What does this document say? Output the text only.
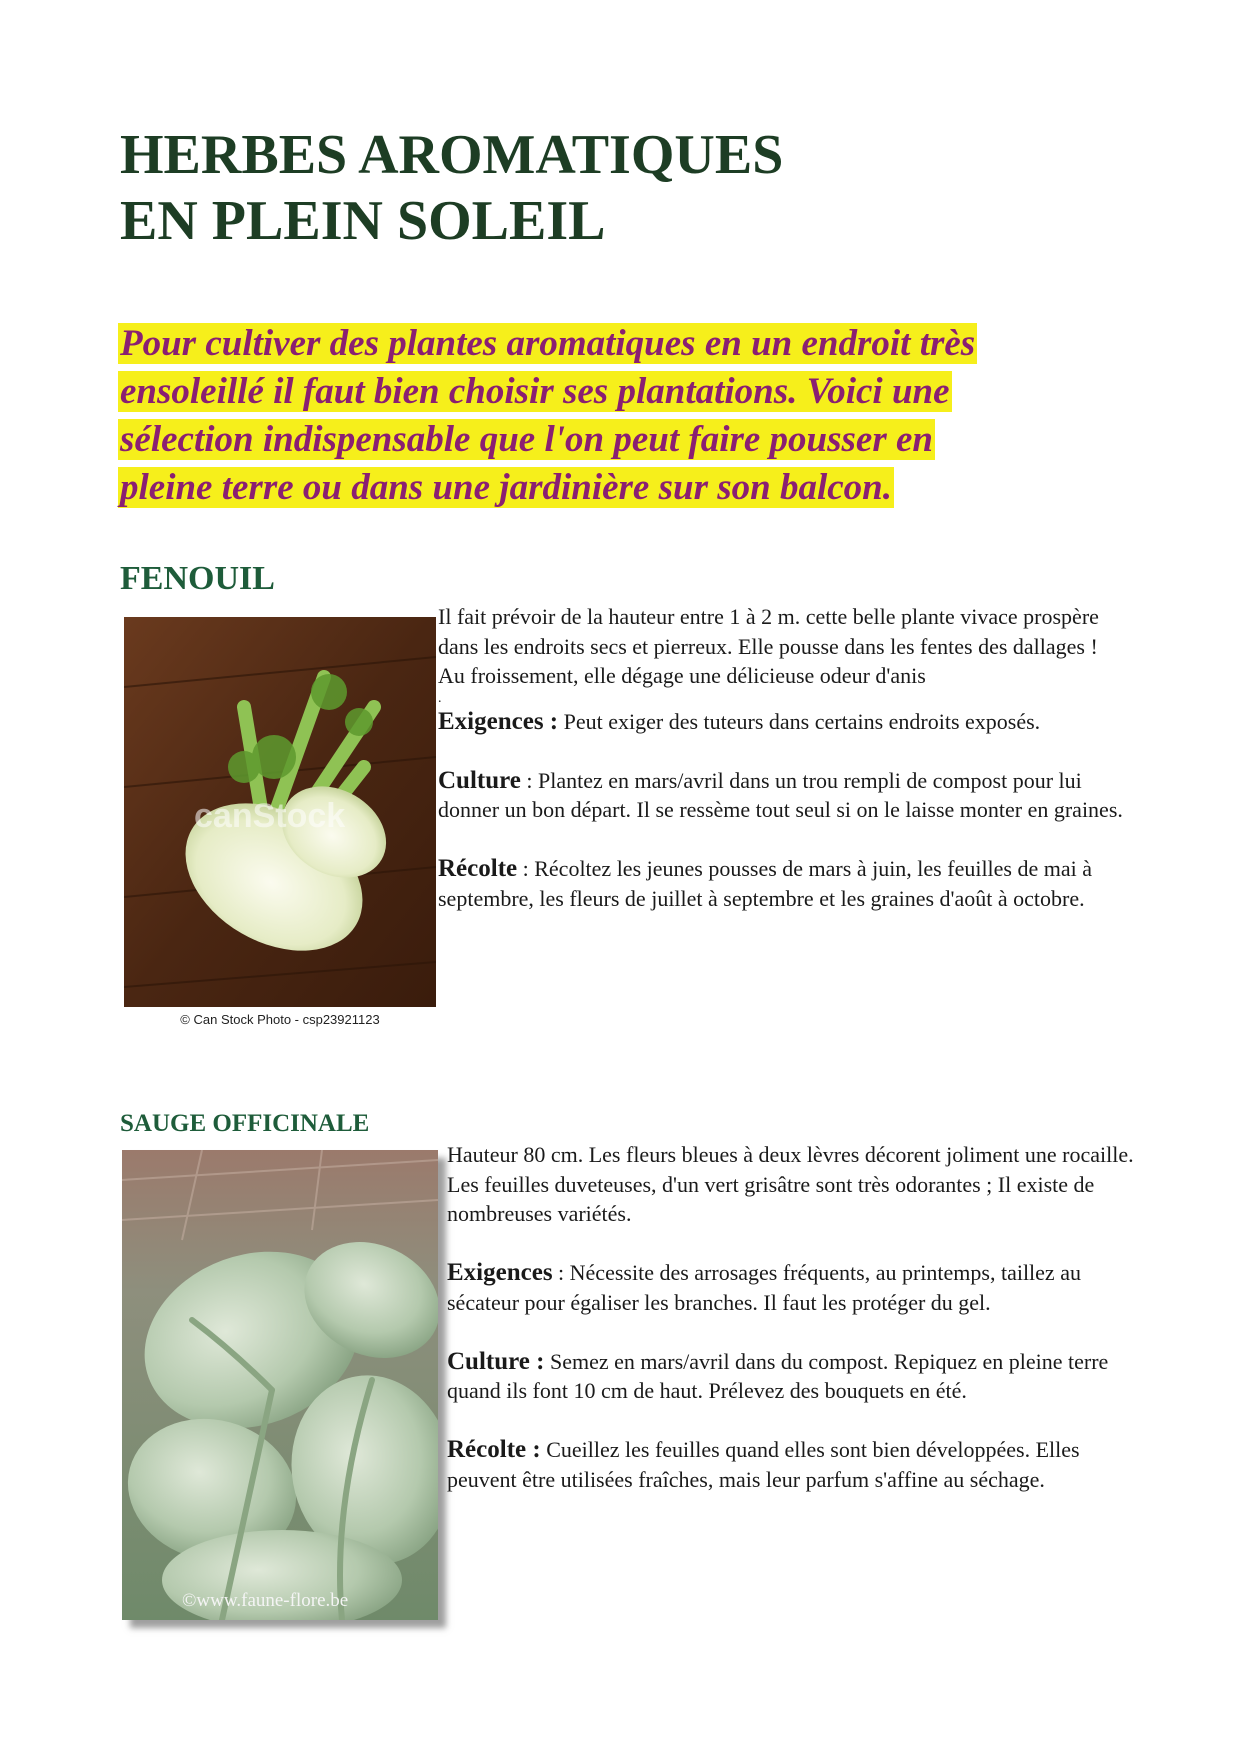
HERBES AROMATIQUES
EN PLEIN SOLEIL

Pour cultiver des plantes aromatiques en un endroit très
ensoleillé il faut bien choisir ses plantations. Voici une
sélection indispensable que l'on peut faire pousser en
pleine terre ou dans une jardinière sur son balcon.

FENOUIL
canStock
© Can Stock Photo - csp23921123

Il fait prévoir de la hauteur entre 1 à 2 m. cette belle plante vivace prospère dans les endroits secs et pierreux. Elle pousse dans les fentes des dallages ! Au froissement, elle dégage une délicieuse odeur d'anis

.

Exigences : Peut exiger des tuteurs dans certains endroits exposés.

Culture : Plantez en mars/avril dans un trou rempli de compost pour lui donner un bon départ. Il se ressème tout seul si on le laisse monter en graines.

Récolte : Récoltez les jeunes pousses de mars à juin, les feuilles de mai à septembre, les fleurs de juillet à septembre et les graines d'août à octobre.

SAUGE OFFICINALE
©www.faune-flore.be

Hauteur 80 cm. Les fleurs bleues à deux lèvres décorent joliment une rocaille. Les feuilles duveteuses, d'un vert grisâtre sont très odorantes ; Il existe de nombreuses variétés.

Exigences : Nécessite des arrosages fréquents, au printemps, taillez au sécateur pour égaliser les branches. Il faut les protéger du gel.

Culture : Semez en mars/avril dans du compost. Repiquez en pleine terre quand ils font 10 cm de haut. Prélevez des bouquets en été.

Récolte : Cueillez les feuilles quand elles sont bien développées. Elles peuvent être utilisées fraîches, mais leur parfum s'affine au séchage.
